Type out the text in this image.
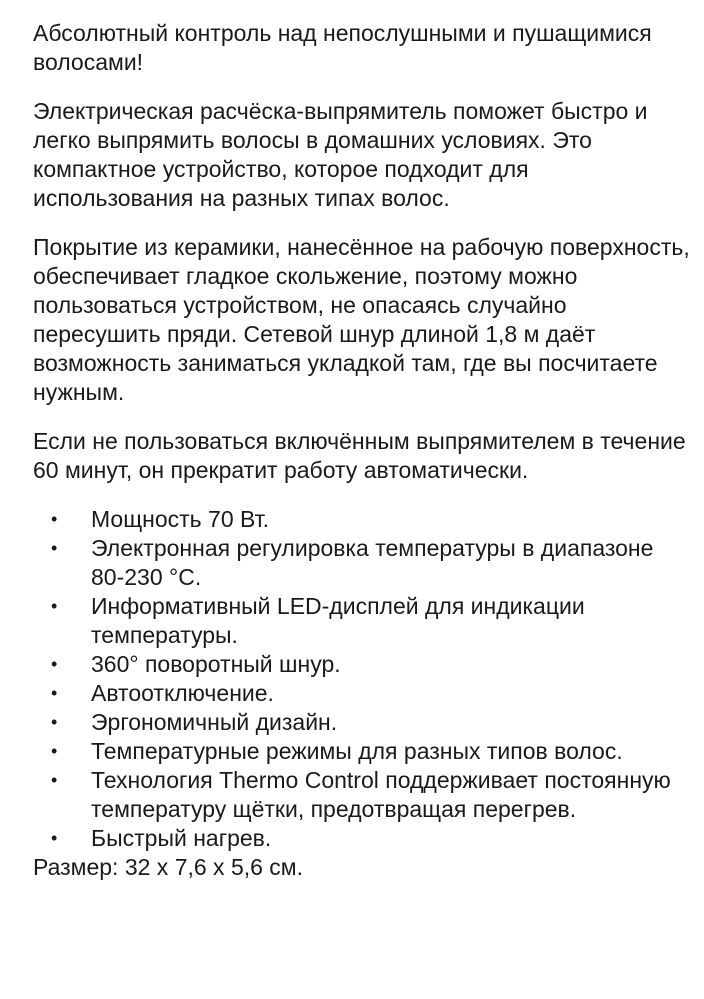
Абсолютный контроль над непослушными и пушащимися волосами!

Электрическая расчёска-выпрямитель поможет быстро и легко выпрямить волосы в домашних условиях. Это компактное устройство, которое подходит для использования на разных типах волос.

Покрытие из керамики, нанесённое на рабочую поверхность, обеспечивает гладкое скольжение, поэтому можно пользоваться устройством, не опасаясь случайно пересушить пряди. Сетевой шнур длиной 1,8 м даёт возможность заниматься укладкой там, где вы посчитаете нужным.

Если не пользоваться включённым выпрямителем в течение 60 минут, он прекратит работу автоматически.

• Мощность 70 Вт.
• Электронная регулировка температуры в диапазоне 80-230 °С.
• Информативный LED-дисплей для индикации температуры.
• 360° поворотный шнур.
• Автоотключение.
• Эргономичный дизайн.
• Температурные режимы для разных типов волос.
• Технология Thermo Control поддерживает постоянную температуру щётки, предотвращая перегрев.
• Быстрый нагрев.
Размер: 32 х 7,6 х 5,6 см.
